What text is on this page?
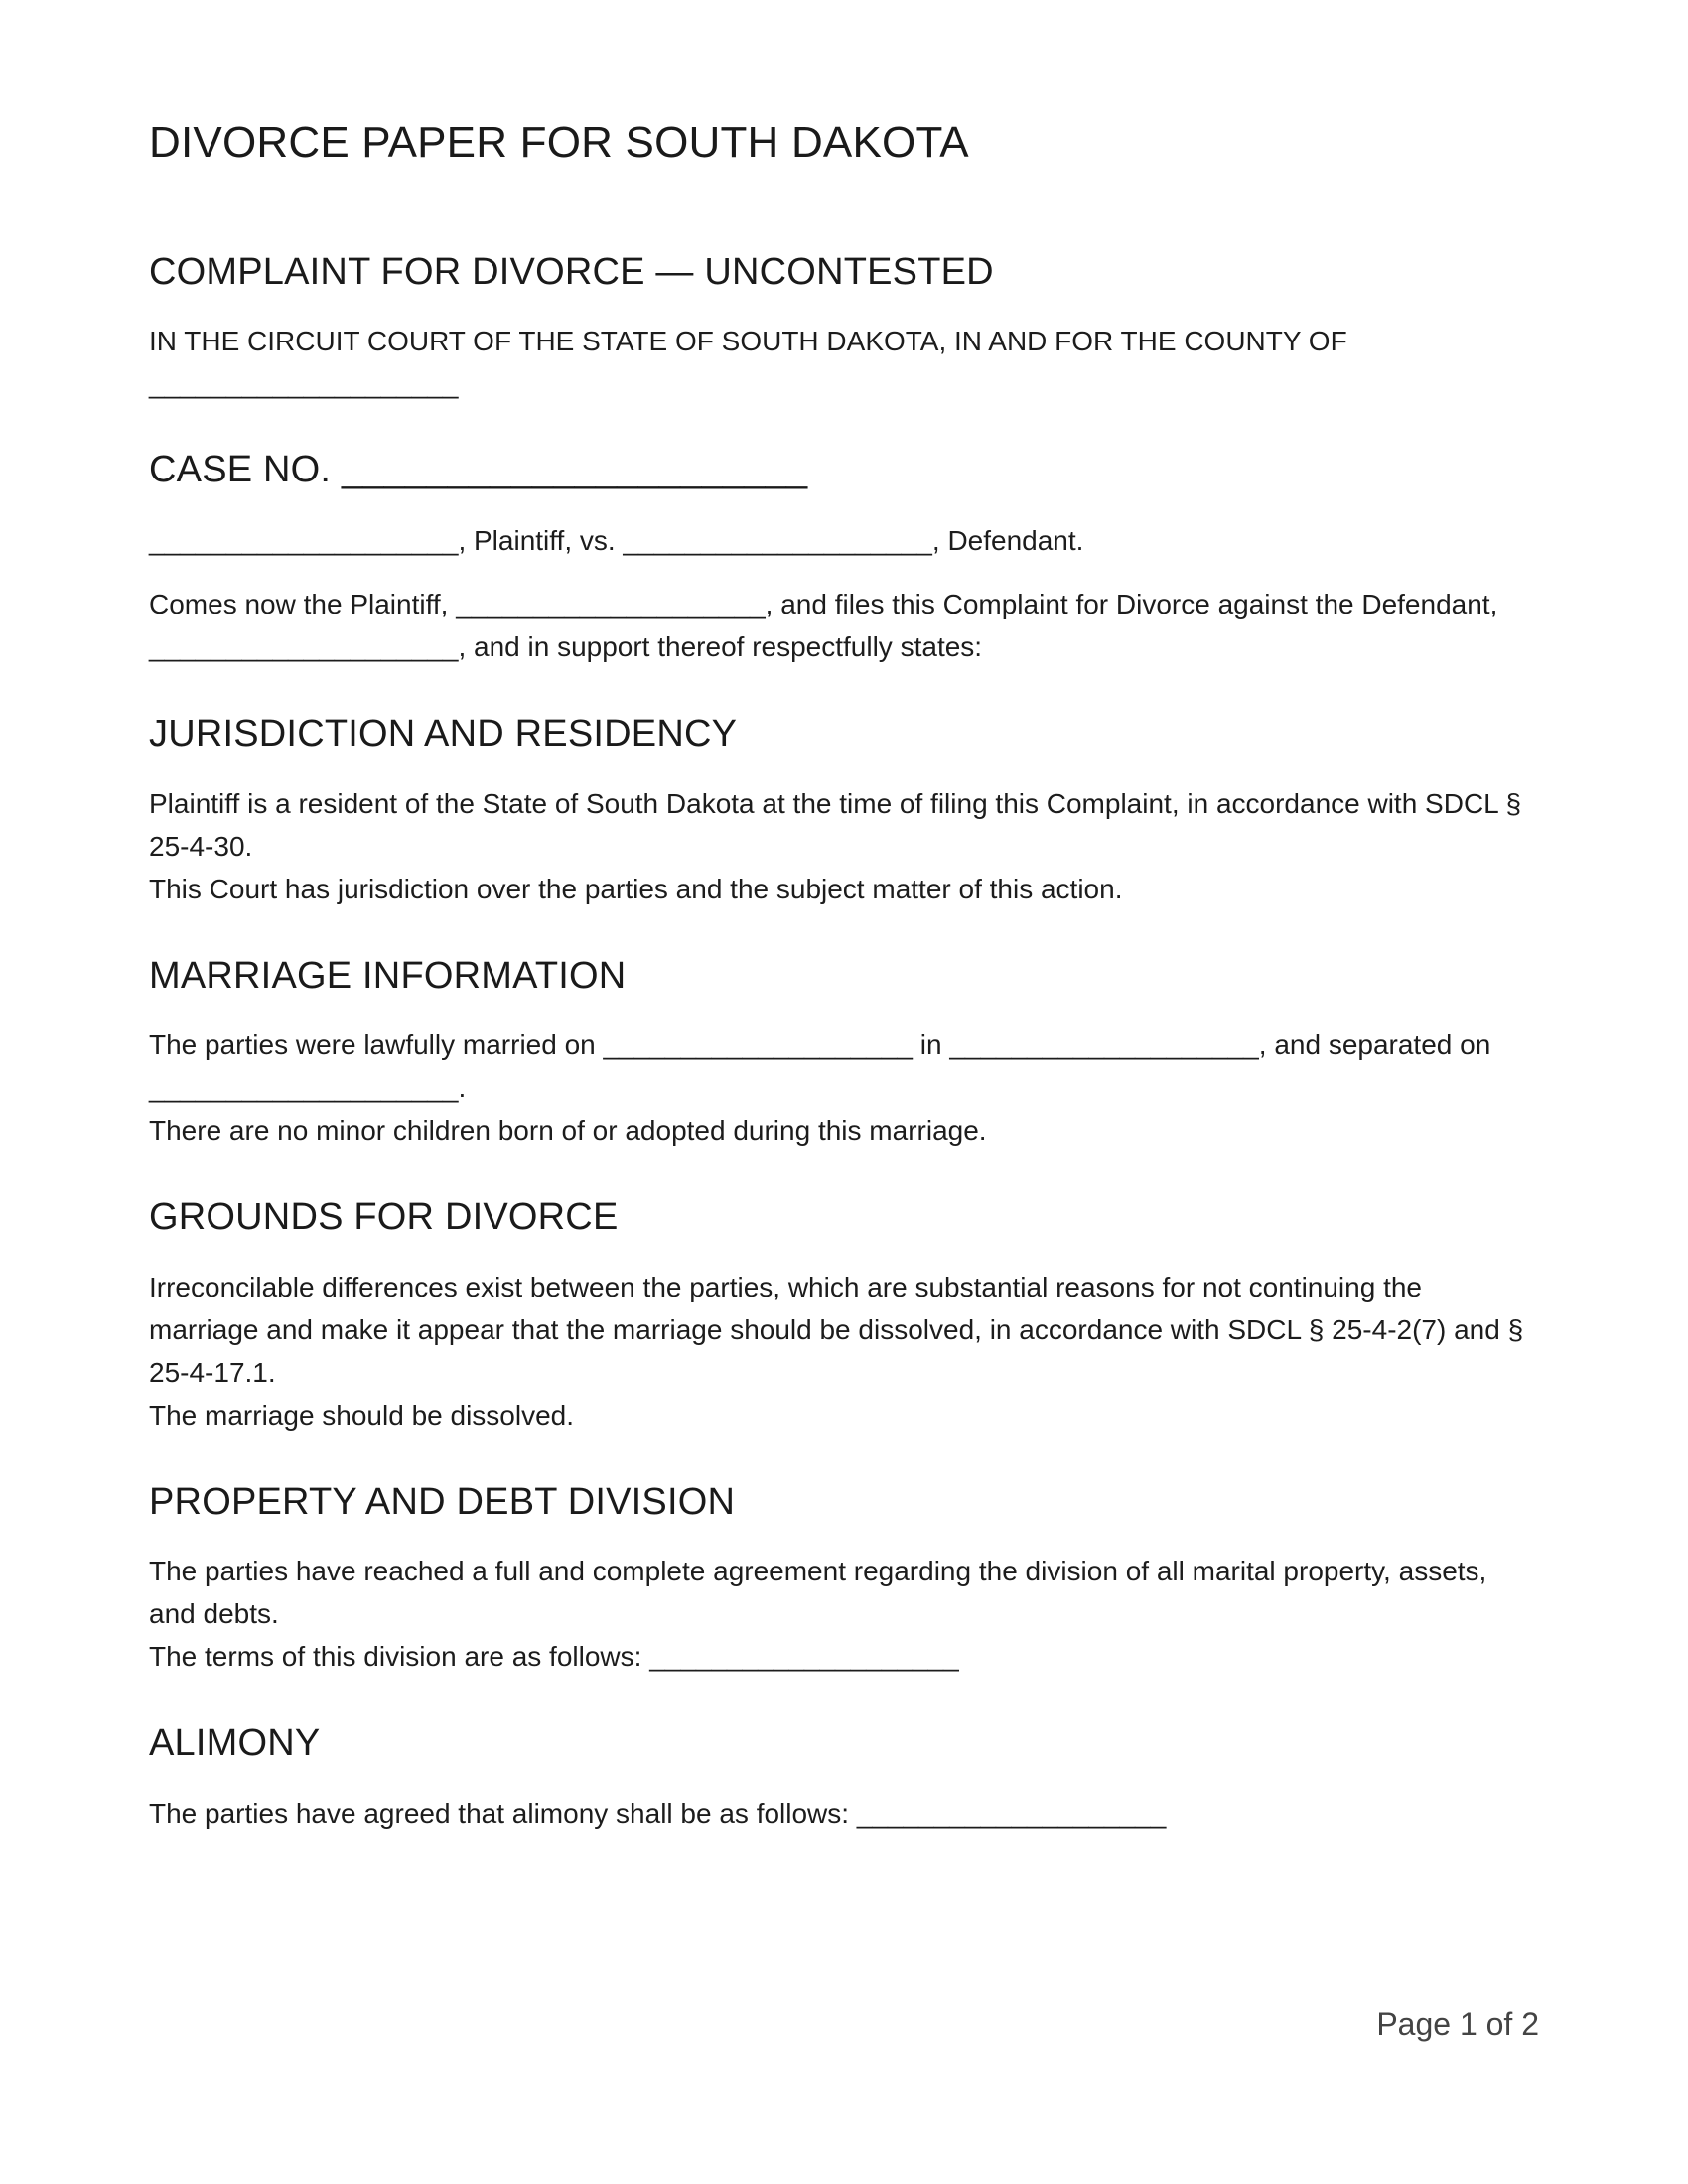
DIVORCE PAPER FOR SOUTH DAKOTA
COMPLAINT FOR DIVORCE — UNCONTESTED

IN THE CIRCUIT COURT OF THE STATE OF SOUTH DAKOTA, IN AND FOR THE COUNTY OF ____________________

CASE NO. ______________________

____________________, Plaintiff, vs. ____________________, Defendant.

Comes now the Plaintiff, ____________________, and files this Complaint for Divorce against the Defendant, ____________________, and in support thereof respectfully states:

JURISDICTION AND RESIDENCY

Plaintiff is a resident of the State of South Dakota at the time of filing this Complaint, in accordance with SDCL § 25-4-30.

This Court has jurisdiction over the parties and the subject matter of this action.

MARRIAGE INFORMATION

The parties were lawfully married on ____________________ in ____________________, and separated on ____________________.

There are no minor children born of or adopted during this marriage.

GROUNDS FOR DIVORCE

Irreconcilable differences exist between the parties, which are substantial reasons for not continuing the marriage and make it appear that the marriage should be dissolved, in accordance with SDCL § 25-4-2(7) and § 25-4-17.1.

The marriage should be dissolved.

PROPERTY AND DEBT DIVISION

The parties have reached a full and complete agreement regarding the division of all marital property, assets, and debts.

The terms of this division are as follows: ____________________

ALIMONY

The parties have agreed that alimony shall be as follows: ____________________

Page 1 of 2
